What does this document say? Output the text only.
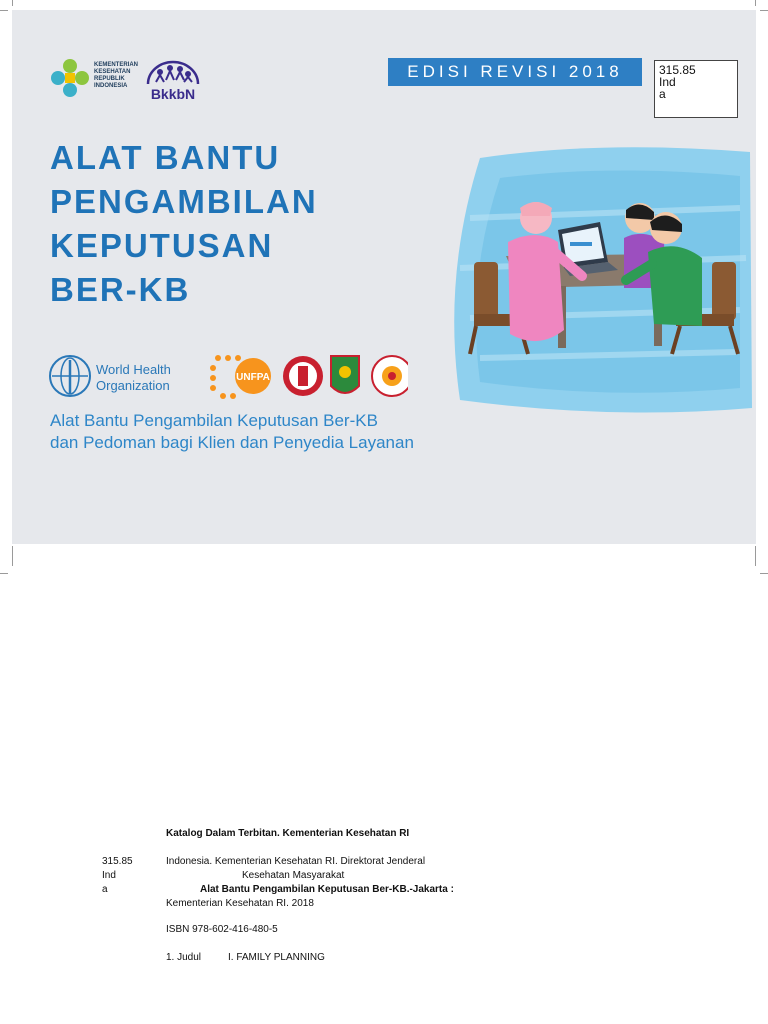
KEMENTERIAN
KESEHATAN
REPUBLIK
INDONESIA	BkkbN
EDISI REVISI 2018	315.85
Ind
a
ALAT BANTU
PENGAMBILAN
KEPUTUSAN
BER-KB
World Health
Organization
UNFPA
Alat Bantu Pengambilan Keputusan Ber-KB
dan Pedoman bagi Klien dan Penyedia Layanan
Katalog Dalam Terbitan. Kementerian Kesehatan RI
315.85
Ind
a
Indonesia. Kementerian Kesehatan RI. Direktorat Jenderal
Kesehatan Masyarakat
Alat Bantu Pengambilan Keputusan Ber-KB.-Jakarta :
Kementerian Kesehatan RI. 2018
ISBN 978-602-416-480-5
1. Judul	I. FAMILY PLANNING
